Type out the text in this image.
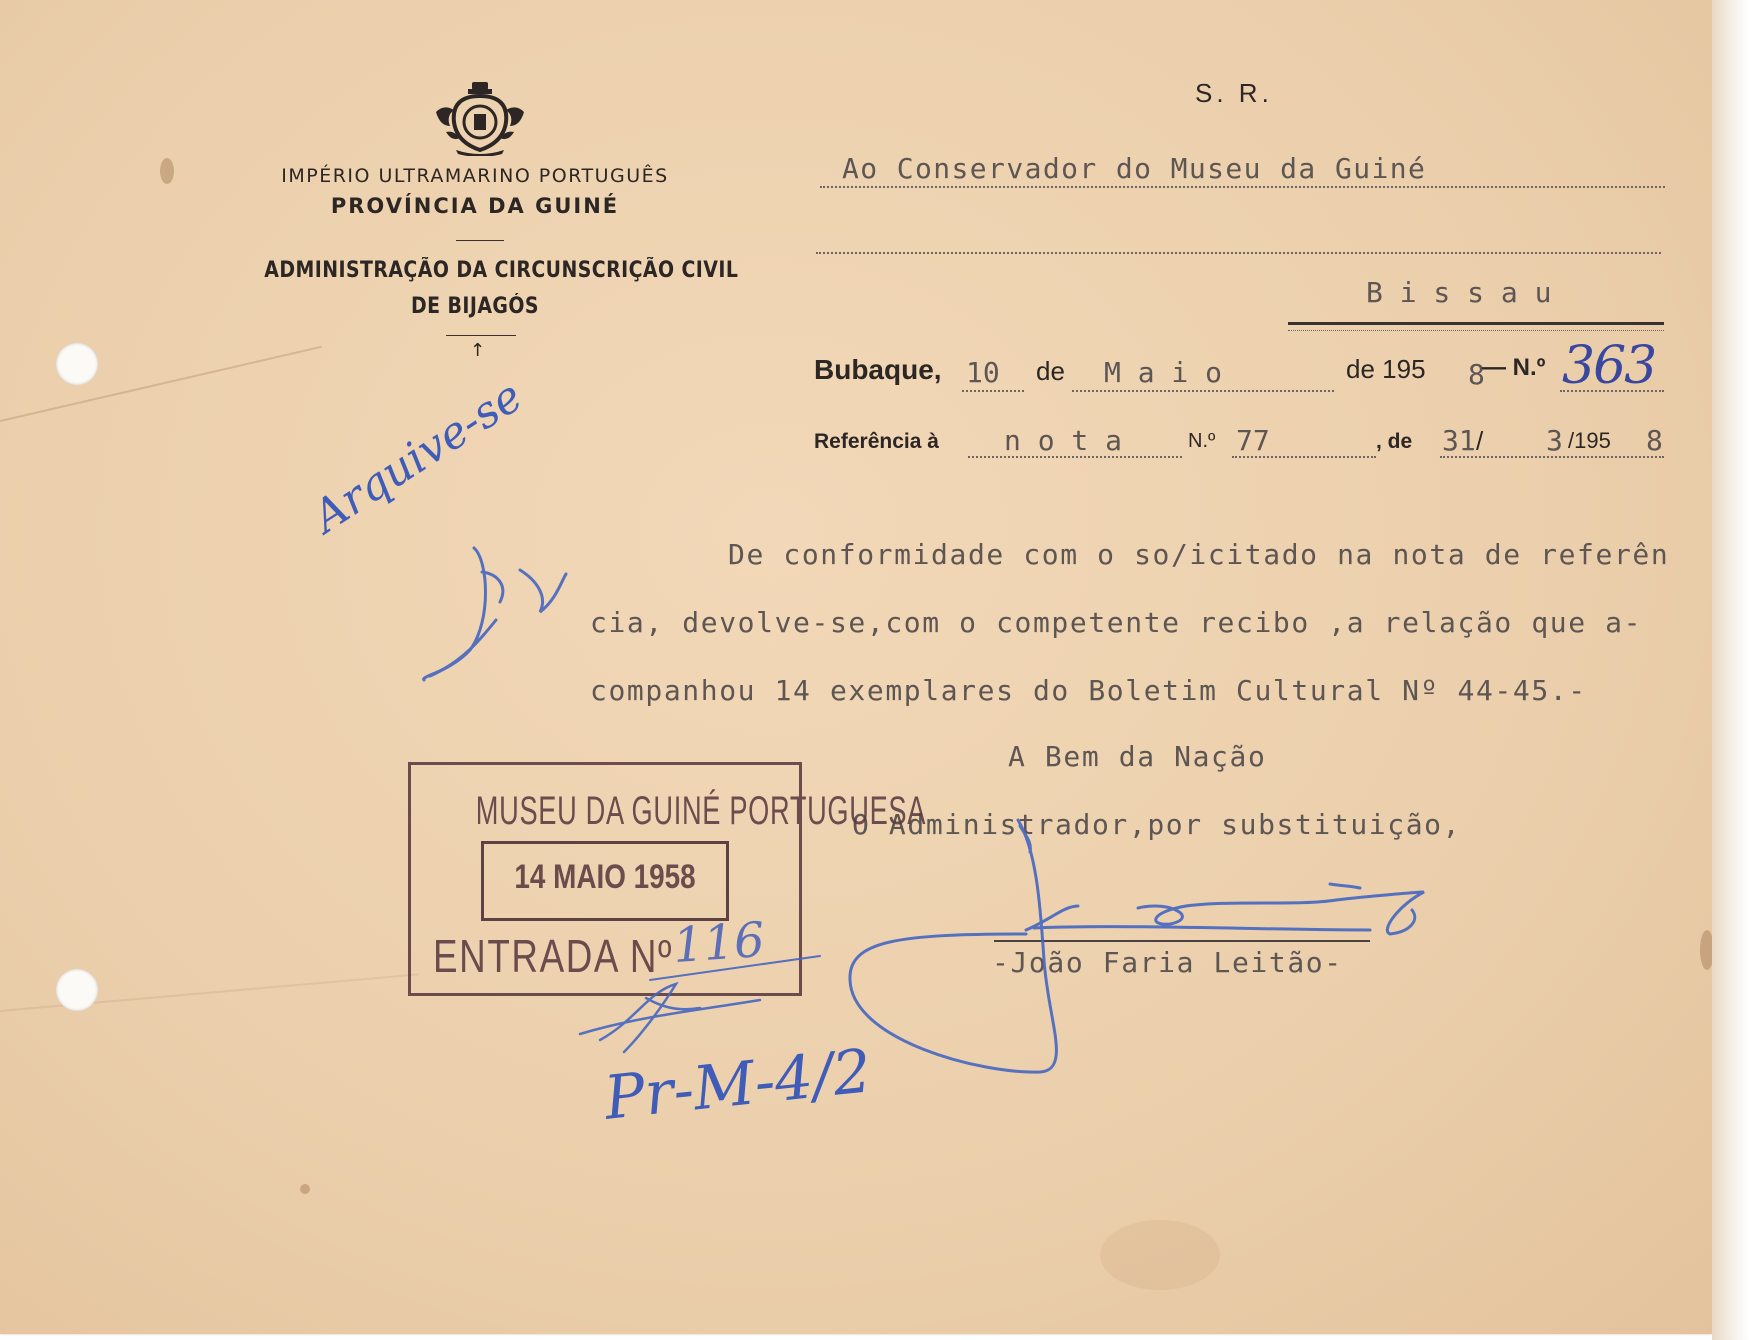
IMPÉRIO ULTRAMARINO PORTUGUÊS
PROVÍNCIA DA GUINÉ
ADMINISTRAÇÃO DA CIRCUNSCRIÇÃO CIVIL
DE BIJAGÓS
↑
S. R.
Ao Conservador do Museu da Guiné
B i s s a u
Bubaque, 10 de M a i o	de 195 8
— N.º 363
Referência à n o t a	N.º 77	, de 31 / 3 /195 8
De conformidade com o so/icitado na nota de referên
cia, devolve-se,com o competente recibo ,a relação que a-
companhou 14 exemplares do Boletim Cultural Nº 44-45.-
A Bem da Nação
O Administrador,por substituição,
-João Faria Leitão-
MUSEU DA GUINÉ PORTUGUESA
14 MAIO 1958
ENTRADA Nº
116
Arquive-se
Pr-M-4/2
